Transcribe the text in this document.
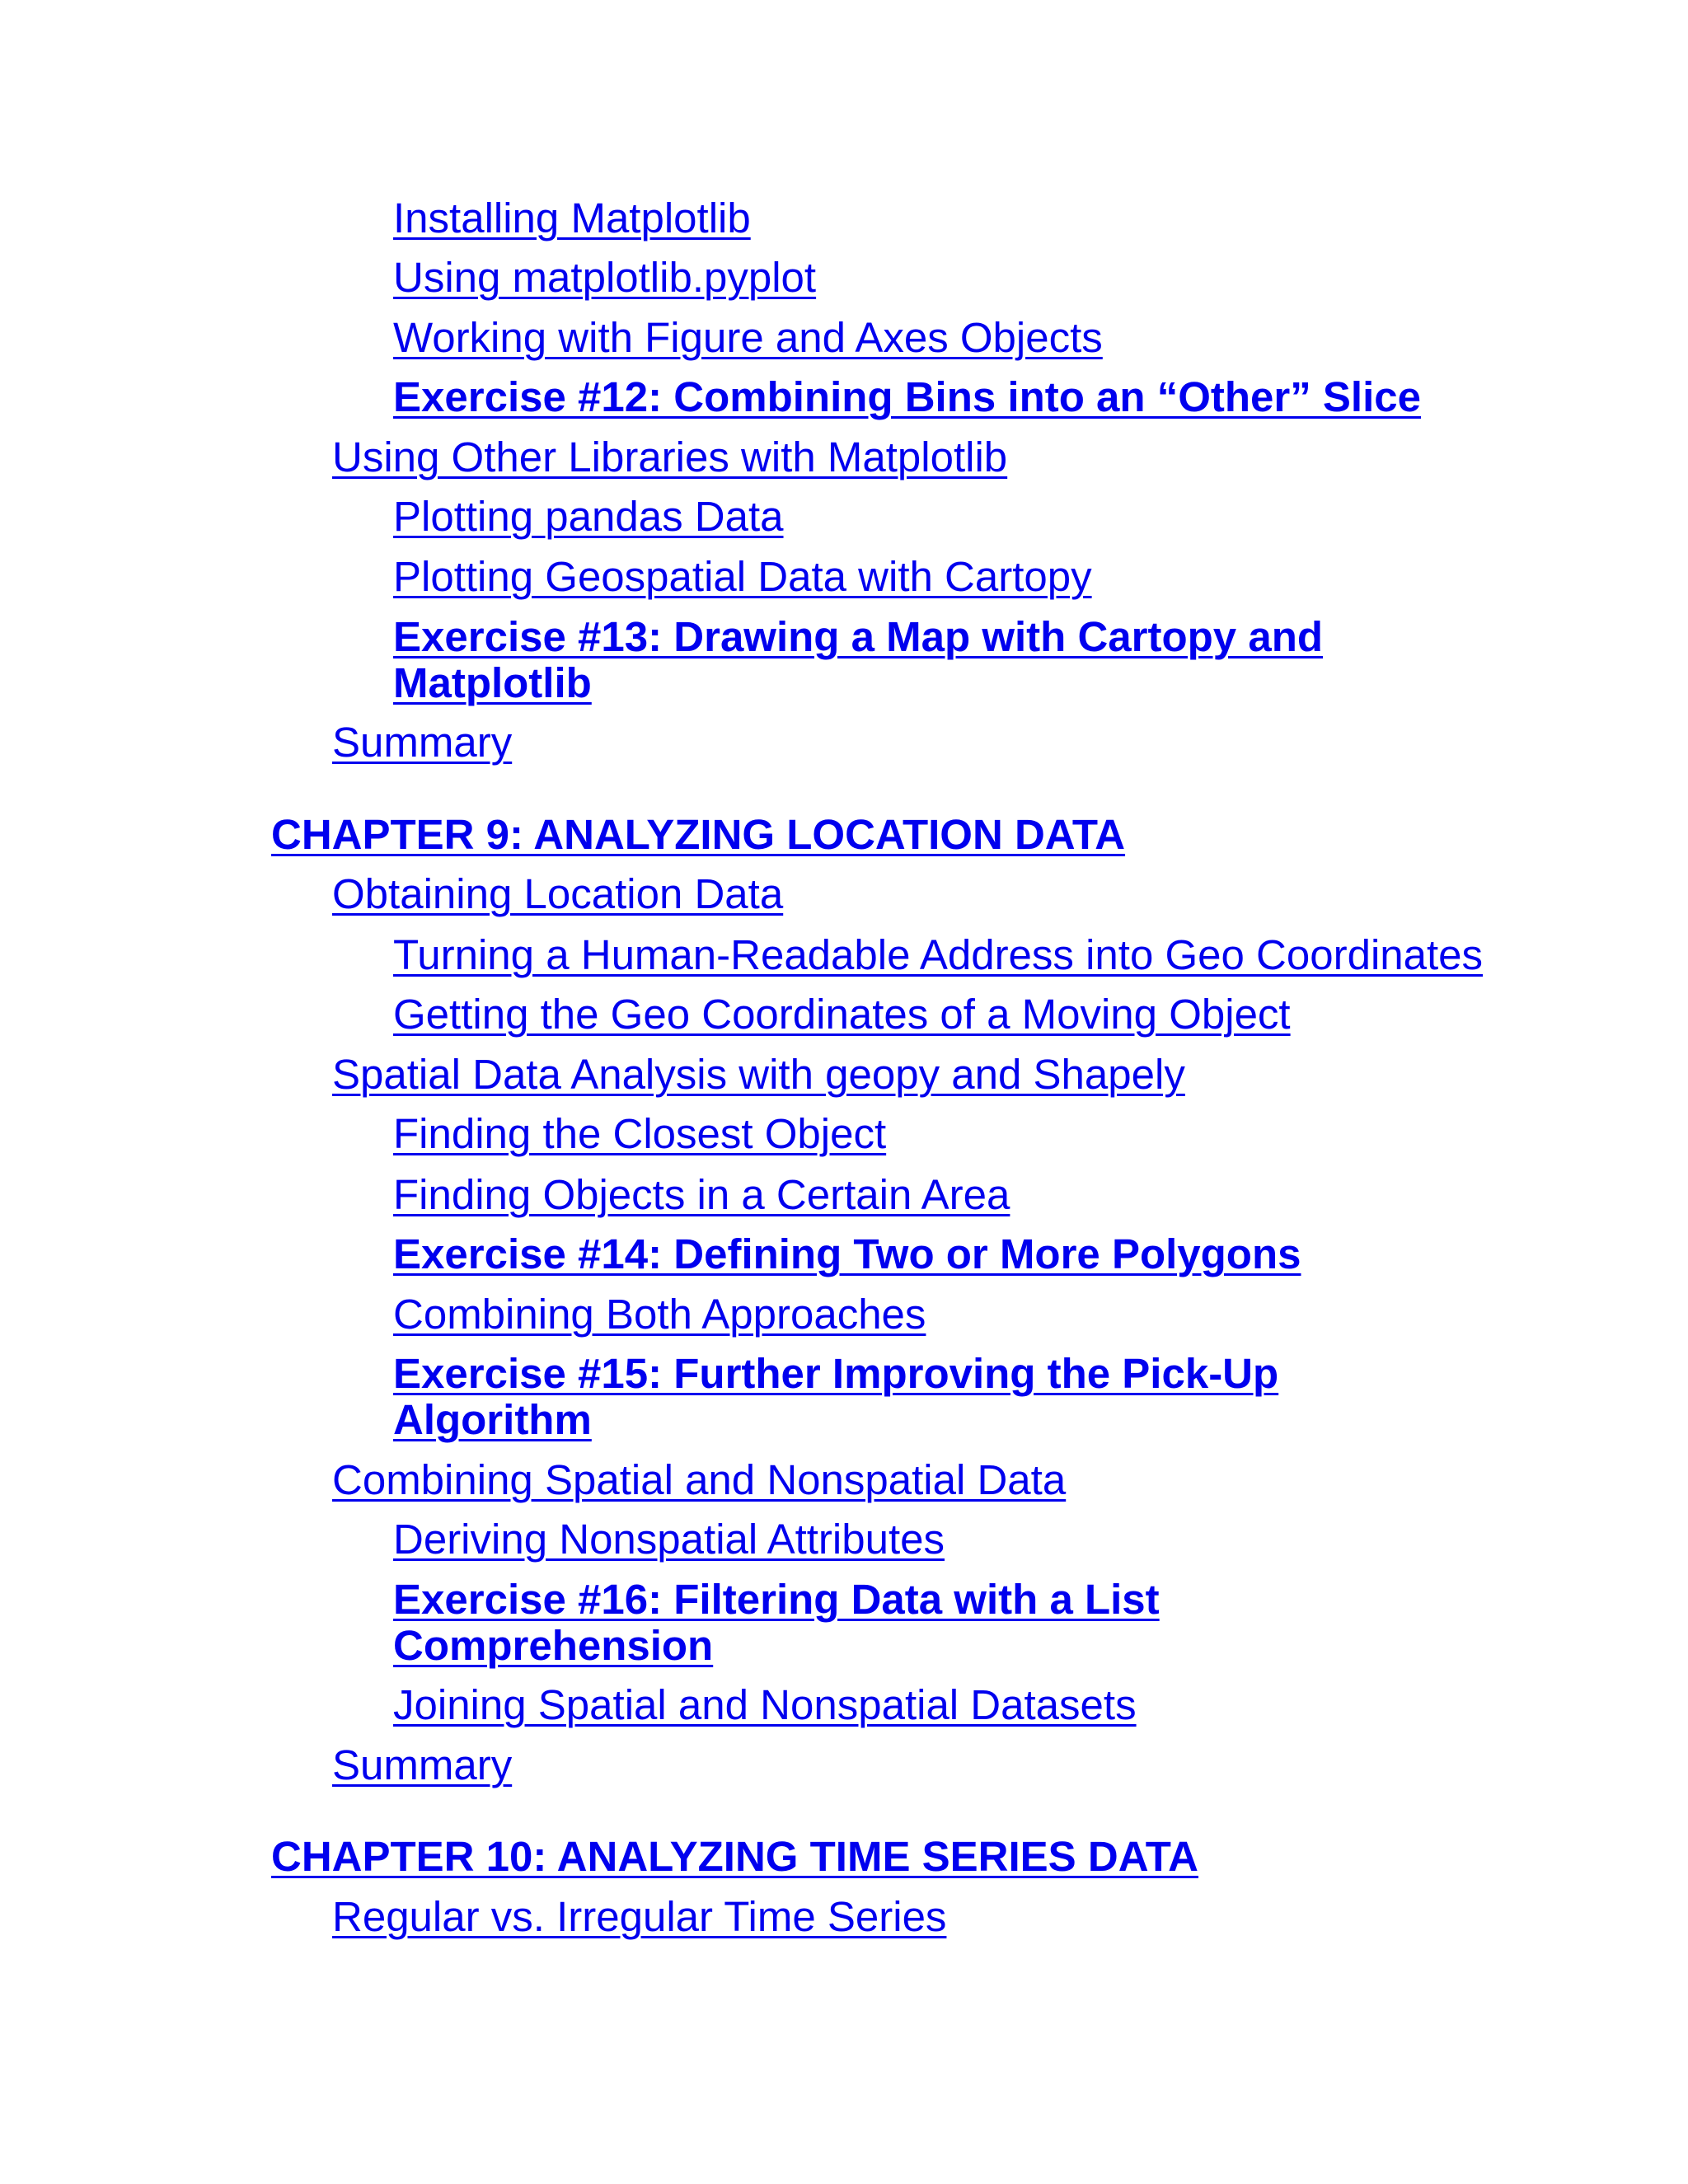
Installing Matplotlib
Using matplotlib.pyplot
Working with Figure and Axes Objects
Exercise #12: Combining Bins into an “Other” Slice
Using Other Libraries with Matplotlib
Plotting pandas Data
Plotting Geospatial Data with Cartopy
Exercise #13: Drawing a Map with Cartopy and Matplotlib
Summary
CHAPTER 9: ANALYZING LOCATION DATA
Obtaining Location Data
Turning a Human-Readable Address into Geo Coordinates
Getting the Geo Coordinates of a Moving Object
Spatial Data Analysis with geopy and Shapely
Finding the Closest Object
Finding Objects in a Certain Area
Exercise #14: Defining Two or More Polygons
Combining Both Approaches
Exercise #15: Further Improving the Pick-Up Algorithm
Combining Spatial and Nonspatial Data
Deriving Nonspatial Attributes
Exercise #16: Filtering Data with a List Comprehension
Joining Spatial and Nonspatial Datasets
Summary
CHAPTER 10: ANALYZING TIME SERIES DATA
Regular vs. Irregular Time Series
